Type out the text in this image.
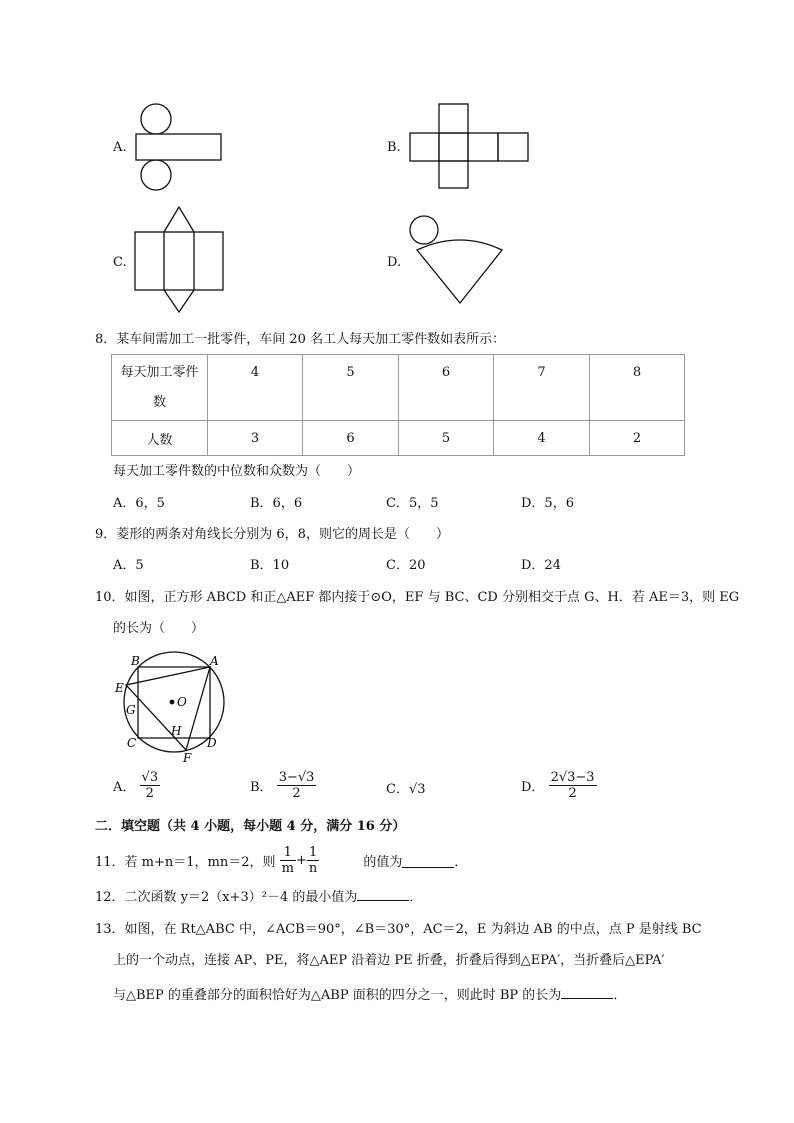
A.	B.
C.	D.
8．某车间需加工一批零件，车间 20 名工人每天加工零件数如表所示：
每天加工零件
数	4	5	6	7	8
人数	3	6	5	4	2
每天加工零件数的中位数和众数为（　　）
A．6，5	B．6，6	C．5，5	D．5，6
9．菱形的两条对角线长分别为 6，8，则它的周长是（　　）
A．5	B．10	C．20	D．24
10．如图，正方形 ABCD 和正△AEF 都内接于⊙O，EF 与 BC、CD 分别相交于点 G、H．若 AE＝3，则 EG
的长为（　　）
B	A
E
G
O
H
C	D
F
A． $\frac{√3}{2}$	B． $\frac{3-√3}{2}$	C．√3	D． $\frac{2√3-3}{2}$
二．填空题（共 4 小题，每小题 4 分，满分 16 分）
11．若 m+n＝1，mn＝2，则 $\frac{1}{m} + \frac{1}{n}$	的值为	．
12．二次函数 y＝2（x+3）²－4 的最小值为	．
13．如图，在 Rt△ABC 中，∠ACB＝90°，∠B＝30°，AC＝2，E 为斜边 AB 的中点，点 P 是射线 BC
上的一个动点，连接 AP、PE，将△AEP 沿着边 PE 折叠，折叠后得到△EPA′，当折叠后△EPA′
与△BEP 的重叠部分的面积恰好为△ABP 面积的四分之一，则此时 BP 的长为	．
